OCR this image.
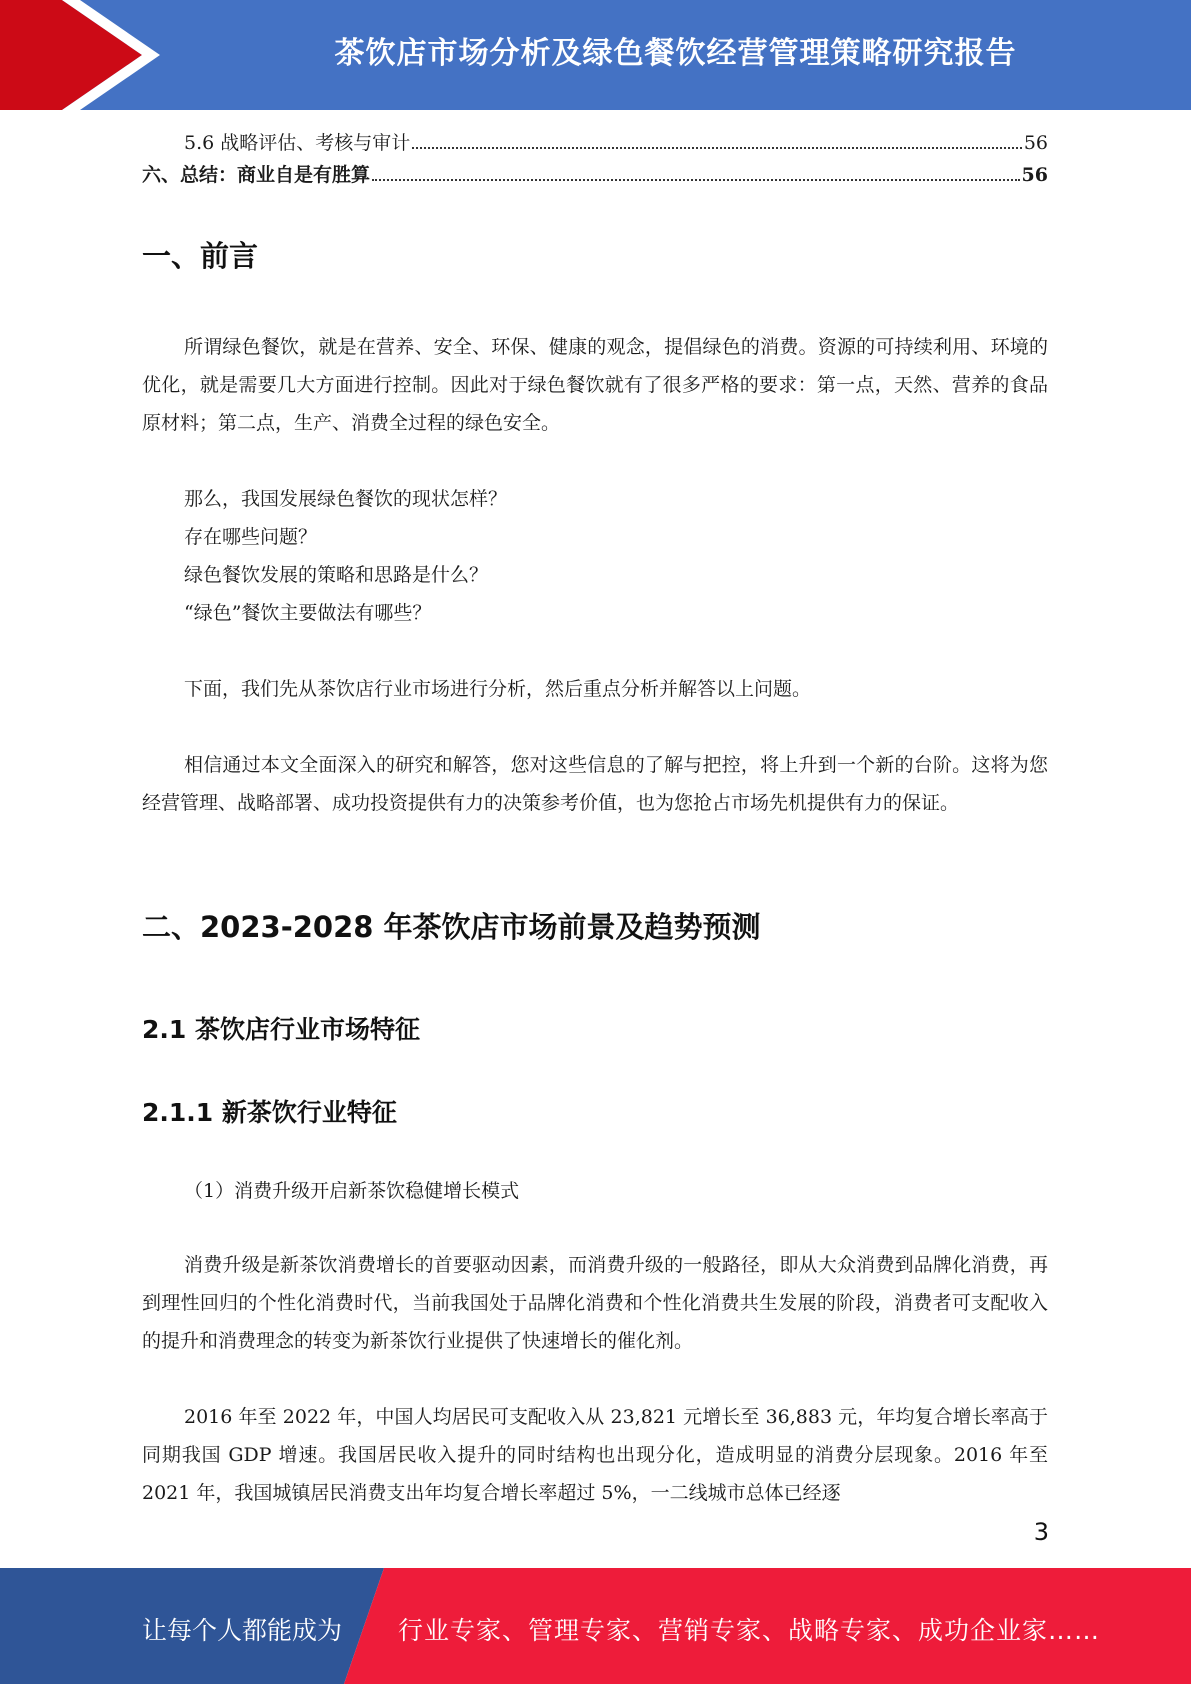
茶饮店市场分析及绿色餐饮经营管理策略研究报告
5.6 战略评估、考核与审计	56
六、总结：商业自是有胜算	56
一、前言

所谓绿色餐饮，就是在营养、安全、环保、健康的观念，提倡绿色的消费。资源的可持续利用、环境的优化，就是需要几大方面进行控制。因此对于绿色餐饮就有了很多严格的要求：第一点，天然、营养的食品原材料；第二点，生产、消费全过程的绿色安全。

那么，我国发展绿色餐饮的现状怎样？
存在哪些问题？
绿色餐饮发展的策略和思路是什么？
“绿色”餐饮主要做法有哪些？

下面，我们先从茶饮店行业市场进行分析，然后重点分析并解答以上问题。

相信通过本文全面深入的研究和解答，您对这些信息的了解与把控，将上升到一个新的台阶。这将为您经营管理、战略部署、成功投资提供有力的决策参考价值，也为您抢占市场先机提供有力的保证。

二、2023-2028 年茶饮店市场前景及趋势预测
2.1 茶饮店行业市场特征
2.1.1 新茶饮行业特征
（1）消费升级开启新茶饮稳健增长模式

消费升级是新茶饮消费增长的首要驱动因素，而消费升级的一般路径，即从大众消费到品牌化消费，再到理性回归的个性化消费时代，当前我国处于品牌化消费和个性化消费共生发展的阶段，消费者可支配收入的提升和消费理念的转变为新茶饮行业提供了快速增长的催化剂。

2016 年至 2022 年，中国人均居民可支配收入从 23,821 元增长至 36,883 元，年均复合增长率高于同期我国 GDP 增速。我国居民收入提升的同时结构也出现分化，造成明显的消费分层现象。2016 年至 2021 年，我国城镇居民消费支出年均复合增长率超过 5%，一二线城市总体已经逐

3
让每个人都能成为 行业专家、管理专家、营销专家、战略专家、成功企业家……
